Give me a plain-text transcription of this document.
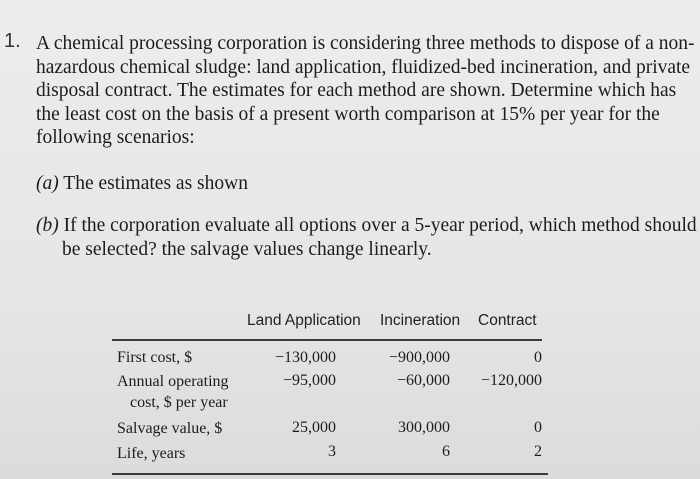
1. A chemical processing corporation is considering three methods to dispose of a non-
hazardous chemical sludge: land application, fluidized-bed incineration, and private
disposal contract. The estimates for each method are shown. Determine which has
the least cost on the basis of a present worth comparison at 15% per year for the
following scenarios:
(a) The estimates as shown
(b) If the corporation evaluate all options over a 5-year period, which method should
be selected? the salvage values change linearly.
Land Application Incineration Contract
First cost, $	−130,000	−900,000	0
Annual operating
cost, $ per year
−95,000	−60,000 −120,000
Salvage value, $	25,000	300,000	0
Life, years	3	6	2
